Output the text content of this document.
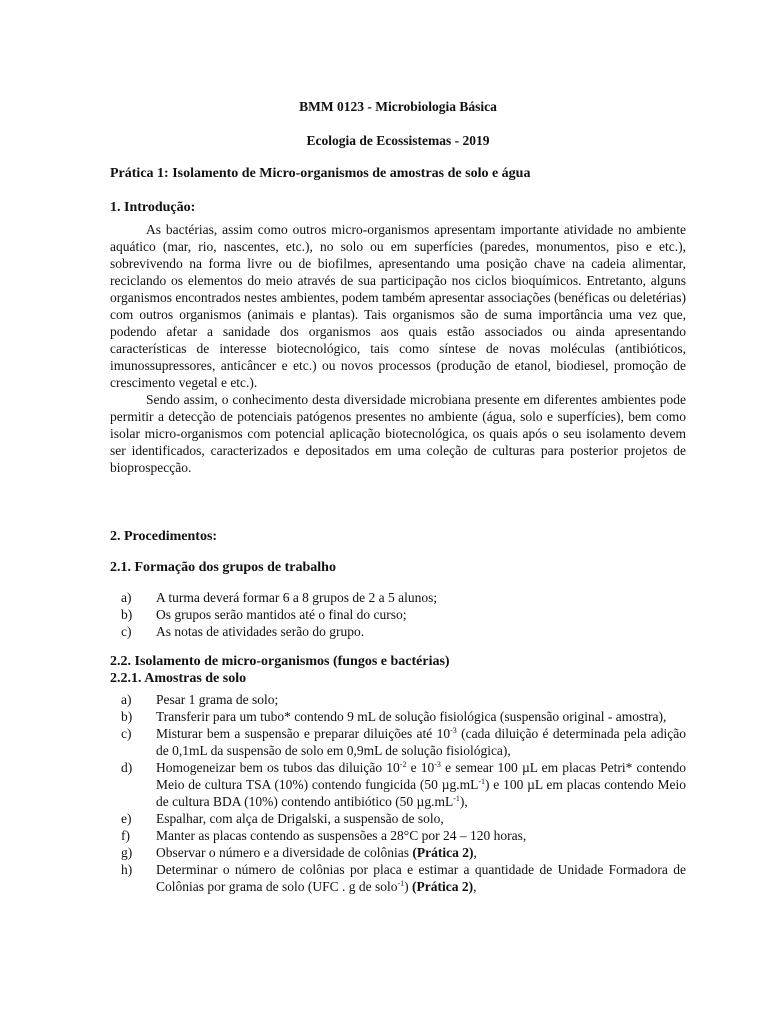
BMM 0123 - Microbiologia Básica
Ecologia de Ecossistemas - 2019
Prática 1: Isolamento de Micro-organismos de amostras de solo e água
1. Introdução:

As bactérias, assim como outros micro-organismos apresentam importante atividade no ambiente aquático (mar, rio, nascentes, etc.), no solo ou em superfícies (paredes, monumentos, piso e etc.), sobrevivendo na forma livre ou de biofilmes, apresentando uma posição chave na cadeia alimentar, reciclando os elementos do meio através de sua participação nos ciclos bioquímicos. Entretanto, alguns organismos encontrados nestes ambientes, podem também apresentar associações (benéficas ou deletérias) com outros organismos (animais e plantas). Tais organismos são de suma importância uma vez que, podendo afetar a sanidade dos organismos aos quais estão associados ou ainda apresentando características de interesse biotecnológico, tais como síntese de novas moléculas (antibióticos, imunossupressores, anticâncer e etc.) ou novos processos (produção de etanol, biodiesel, promoção de crescimento vegetal e etc.).

Sendo assim, o conhecimento desta diversidade microbiana presente em diferentes ambientes pode permitir a detecção de potenciais patógenos presentes no ambiente (água, solo e superfícies), bem como isolar micro-organismos com potencial aplicação biotecnológica, os quais após o seu isolamento devem ser identificados, caracterizados e depositados em uma coleção de culturas para posterior projetos de bioprospecção.

2. Procedimentos:
2.1. Formação dos grupos de trabalho
a) A turma deverá formar 6 a 8 grupos de 2 a 5 alunos;
b) Os grupos serão mantidos até o final do curso;
c) As notas de atividades serão do grupo.
2.2. Isolamento de micro-organismos (fungos e bactérias)
2.2.1. Amostras de solo
a) Pesar 1 grama de solo;
b) Transferir para um tubo* contendo 9 mL de solução fisiológica (suspensão original - amostra),
c) Misturar bem a suspensão e preparar diluições até $10^{-3}$ (cada diluição é determinada pela adição de 0,1mL da suspensão de solo em 0,9mL de solução fisiológica),
d) Homogeneizar bem os tubos das diluição $10^{-2}$ e $10^{-3}$ e semear 100 µL em placas Petri* contendo Meio de cultura TSA (10%) contendo fungicida (50 $\mu g.mL^{-1}$) e 100 µL em placas contendo Meio de cultura BDA (10%) contendo antibiótico (50 $\mu g.mL^{-1}$),
e) Espalhar, com alça de Drigalski, a suspensão de solo,
f) Manter as placas contendo as suspensões a 28°C por 24 – 120 horas,
g) Observar o número e a diversidade de colônias (Prática 2),
h) Determinar o número de colônias por placa e estimar a quantidade de Unidade Formadora de Colônias por grama de solo (UFC . g de solo$^{-1}$) (Prática 2),
